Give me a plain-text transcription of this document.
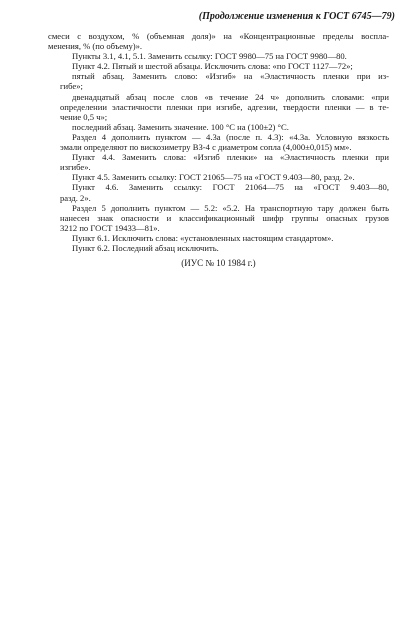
(Продолжение изменения к ГОСТ 6745—79)
смеси с воздухом, % (объемная доля)» на «Концентрационные пределы воспла-
менения, % (по объему)».
Пункты 3.1, 4.1, 5.1. Заменить ссылку: ГОСТ 9980—75 на ГОСТ 9980—80.
Пункт 4.2. Пятый и шестой абзацы. Исключить слова: «по ГОСТ 1127—72»;
пятый абзац. Заменить слово: «Изгиб» на «Эластичность пленки при из-
гибе»;
двенадцатый абзац после слов «в течение 24 ч» дополнить словами: «при
определении эластичности пленки при изгибе, адгезии, твердости пленки — в те-
чение 0,5 ч»;
последний абзац. Заменить значение. 100 °С на (100±2) °С.
Раздел 4 дополнить пунктом — 4.3а (после п. 4.3): «4.3а. Условную вязкость
эмали определяют по вискозиметру ВЗ-4 с диаметром сопла (4,000±0,015) мм».
Пункт 4.4. Заменить слова: «Изгиб пленки» на «Эластичность пленки при
изгибе».
Пункт 4.5. Заменить ссылку: ГОСТ 21065—75 на «ГОСТ 9.403—80, разд. 2».
Пункт 4.6. Заменить ссылку: ГОСТ 21064—75 на «ГОСТ 9.403—80,
разд. 2».
Раздел 5 дополнить пунктом — 5.2: «5.2. На транспортную тару должен быть
нанесен знак опасности и классификационный шифр группы опасных грузов
3212 по ГОСТ 19433—81».
Пункт 6.1. Исключить слова: «установленных настоящим стандартом».
Пункт 6.2. Последний абзац исключить.
(ИУС № 10 1984 г.)
